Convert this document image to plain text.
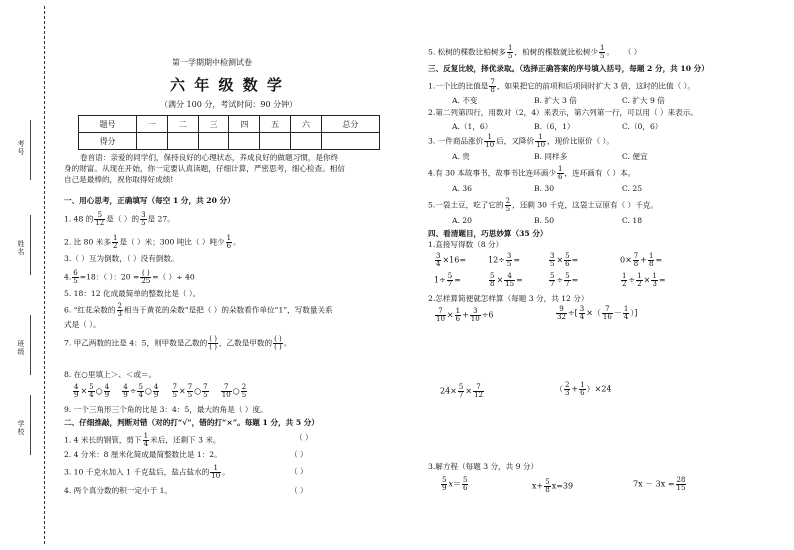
考号
姓名
班级
学校
第一学期期中检测试卷
六 年 级 数 学
（满分 100 分，考试时间：90 分钟）
题号	一	二	三	四	五	六	总分
得分							
卷首语：亲爱的同学们，保持良好的心理状态，养成良好的做题习惯，是你终
身的财富。从现在开始，你一定要认真读题，仔细计算，严密思考，细心检查。相信
自己是最棒的，祝你取得好成绩!
一、用心思考，正确填写（每空 1 分，共 20 分）
1. 48 的 $\frac{5}{12}$ 是（ ）的 $\frac{3}{5}$ 是 27。
2. 比 80 米多 $\frac{1}{2}$ 是（ ）米；300 吨比（ ）吨少 $\frac{1}{6}$ 。
3.（ ）互为倒数，（ ）没有倒数。
4. $\frac{6}{5} =18$：（ ）：$20 = \frac{( )}{25}$ =（ ）÷ 40
5. 18：12 化成最简单的整数比是（ ）。
6. “红花朵数的 $\frac{2}{3}$ 相当于黄花的朵数”是把（ ）的朵数看作单位“1”，写数量关系
式是（ ）。
7. 甲乙两数的比是 4：5，则甲数是乙数的 $\frac{( )}{( )}$ ，乙数是甲数的 $\frac{( )}{( )}$ 。
8. 在○里填上＞、＜或＝。
$\frac{4}{9} \times \frac{5}{4}$ ○ $\frac{4}{9}$
$\frac{4}{9} \div \frac{5}{4}$ ○ $\frac{4}{9}$
$\frac{7}{5} \times \frac{7}{5}$ ○ $\frac{7}{5}$
$\frac{7}{10}$ ○ $\frac{2}{5}$
9. 一个三角形三个角的比是 3：4：5，最大的角是（ ）度。
二、仔细推敲，判断对错（对的打“√”，错的打“×”。每题 1 分，共 5 分）
1. 4 米长的钢管，剪下 $\frac{1}{4}$ 米后，还剩下 3 米。	（ ）
2. 4 分米：8 厘米化简成最简整数比是 1：2。	（ ）
3. 10 千克水加入 1 千克盐后，盐占盐水的 $\frac{1}{10}$ 。	（ ）
4. 两个真分数的积一定小于 1。	（ ）
5. 松树的棵数比柏树多 $\frac{1}{5}$ ，柏树的棵数就比松树少 $\frac{1}{5}$ 。 （ ）
三、反复比较，择优录取。（选择正确答案的序号填入括号，每题 2 分，共 10 分）
1.一个比的比值是 $\frac{7}{8}$ ，如果把它的前项和后项同时扩大 3 倍，这时的比值（ ）。
A. 不变	B. 扩大 3 倍	C. 扩大 9 倍
2.第二列第四行，用数对（2，4）来表示，第六列第一行，可以用（ ）来表示。
A.（1，6）	B.（6，1）	C.（0，6）
3. 一件商品涨价 $\frac{1}{10}$ 后，又降价 $\frac{1}{10}$ ，现价比原价（ ）。
A. 贵	B. 同样多	C. 便宜
4.有 30 本故事书，故事书比连环画少 $\frac{1}{6}$ ，连环画有（ ）本。
A. 36	B. 30	C. 25
5.一袋土豆，吃了它的 $\frac{2}{5}$ ，还剩 30 千克，这袋土豆原有（ ）千克。
A. 20	B. 50	C. 18
四、看清题目，巧思妙算（35 分）
1.直接写得数（8 分）
$\frac{3}{4} \times 16=$	$12\div \frac{3}{5}$ =	$\frac{3}{5} \times \frac{5}{6}$ =	$0\times \frac{7}{8} + \frac{1}{8}$ =
$1\div \frac{5}{7}$ =	$\frac{5}{8} \times \frac{4}{15}$ =	$\frac{5}{7} \div \frac{5}{7}$ =	$\frac{1}{2} \div \frac{1}{2} \times \frac{1}{3}$ =
2.怎样算简便就怎样算（每题 3 分，共 12 分）
$\frac{7}{10} \times \frac{1}{6} + \frac{3}{10} \div 6$	$\frac{9}{32}$ ÷[ $\frac{3}{4}$ ×（ $\frac{7}{16} - \frac{1}{4}$ ）]
$24\times \frac{5}{7} \times \frac{7}{12}$	（ $\frac{2}{3} + \frac{1}{6} )\times 24$
3.解方程（每题 3 分，共 9 分）
$\frac{5}{9} x= \frac{5}{6}$	$x+ \frac{5}{8} x=39$	$7x - 3x = \frac{28}{15}$
